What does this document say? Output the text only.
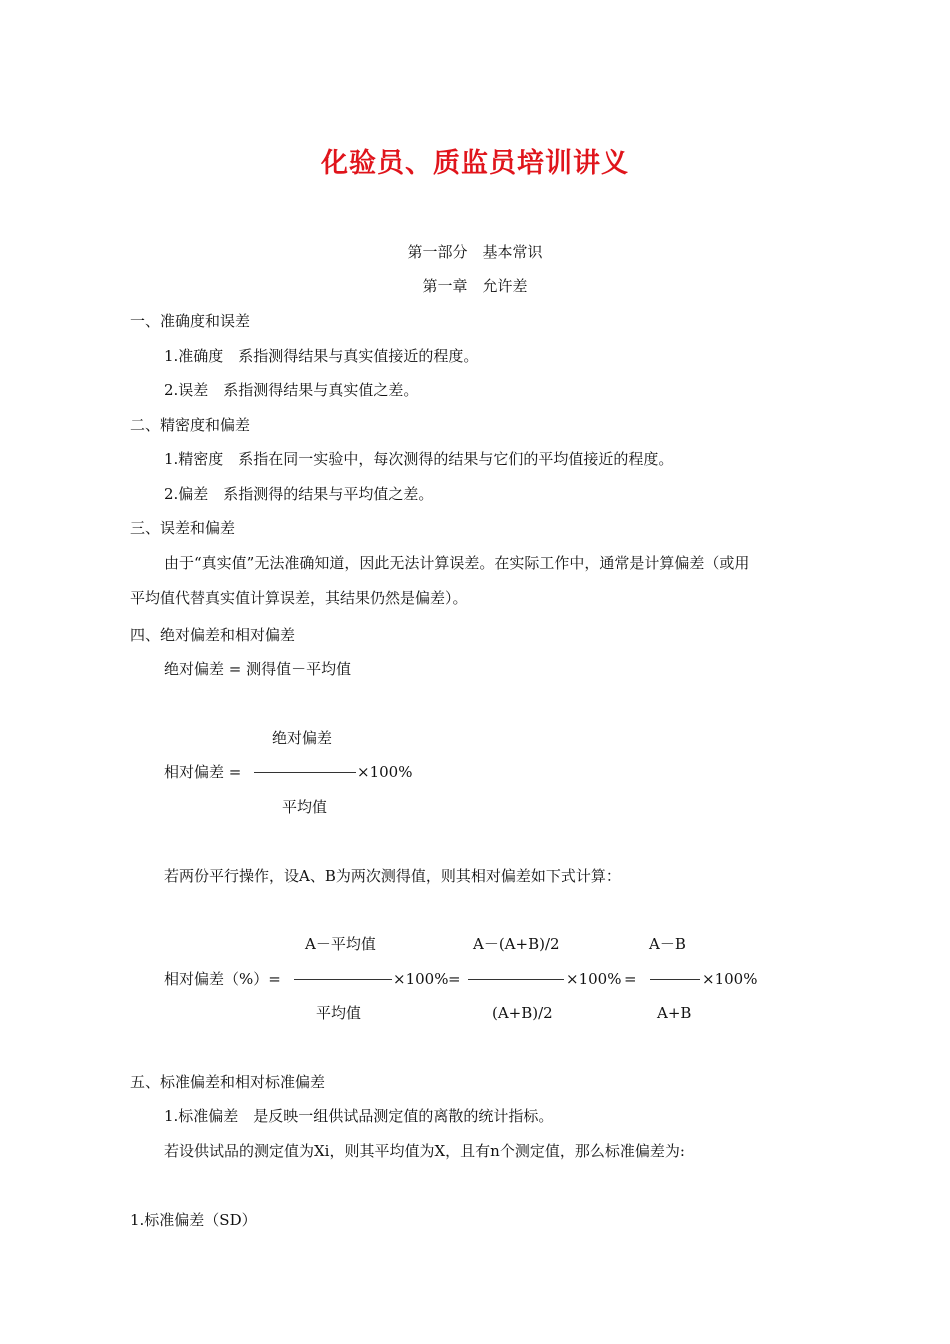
化验员、质监员培训讲义
第一部分　基本常识
第一章　允许差
一、准确度和误差
1.准确度　系指测得结果与真实值接近的程度。
2.误差　系指测得结果与真实值之差。
二、精密度和偏差
1.精密度　系指在同一实验中，每次测得的结果与它们的平均值接近的程度。
2.偏差　系指测得的结果与平均值之差。
三、误差和偏差
由于“真实值”无法准确知道，因此无法计算误差。在实际工作中，通常是计算偏差（或用
平均值代替真实值计算误差，其结果仍然是偏差）。
四、绝对偏差和相对偏差
绝对偏差 = 测得值－平均值
绝对偏差
相对偏差 =	×100%
平均值
若两份平行操作，设A、B为两次测得值，则其相对偏差如下式计算：
A－平均值	A－(A+B)/2	A－B
相对偏差（%）=	×100% =	×100% =	×100%
平均值	(A+B)/2	A+B
五、标准偏差和相对标准偏差
1.标准偏差　是反映一组供试品测定值的离散的统计指标。
若设供试品的测定值为Xi，则其平均值为X，且有n个测定值，那么标准偏差为:
1.标准偏差（SD）
